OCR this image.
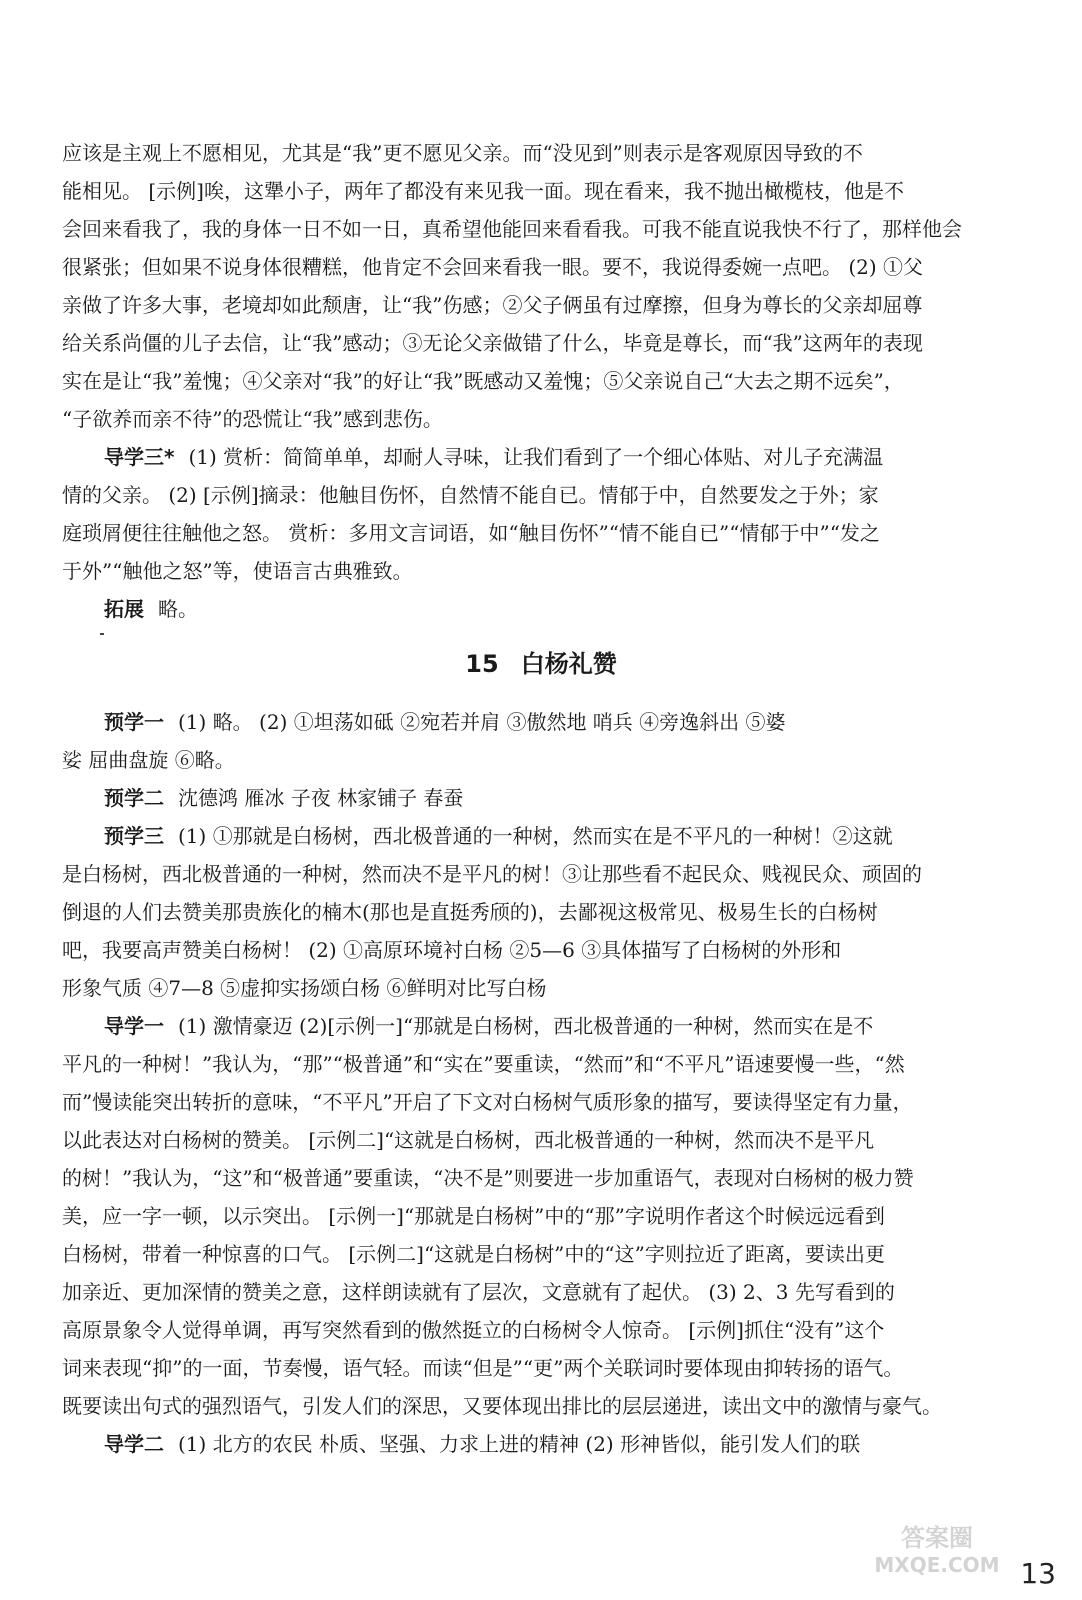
应该是主观上不愿相见，尤其是“我”更不愿见父亲。而“没见到”则表示是客观原因导致的不
能相见。 [示例]唉，这犟小子，两年了都没有来见我一面。现在看来，我不抛出橄榄枝，他是不
会回来看我了，我的身体一日不如一日，真希望他能回来看看我。可我不能直说我快不行了，那样他会
很紧张；但如果不说身体很糟糕，他肯定不会回来看我一眼。要不，我说得委婉一点吧。 (2) ①父
亲做了许多大事，老境却如此颓唐，让“我”伤感；②父子俩虽有过摩擦，但身为尊长的父亲却屈尊
给关系尚僵的儿子去信，让“我”感动；③无论父亲做错了什么，毕竟是尊长，而“我”这两年的表现
实在是让“我”羞愧；④父亲对“我”的好让“我”既感动又羞愧；⑤父亲说自己“大去之期不远矣”，
“子欲养而亲不待”的恐慌让“我”感到悲伤。
导学三* (1) 赏析：简简单单，却耐人寻味，让我们看到了一个细心体贴、对儿子充满温
情的父亲。 (2) [示例]摘录：他触目伤怀，自然情不能自已。情郁于中，自然要发之于外；家
庭琐屑便往往触他之怒。 赏析：多用文言词语，如“触目伤怀”“情不能自已”“情郁于中”“发之
于外”“触他之怒”等，使语言古典雅致。
拓展 略。
15 白杨礼赞
预学一 (1) 略。 (2) ①坦荡如砥 ②宛若并肩 ③傲然地 哨兵 ④旁逸斜出 ⑤婆
娑 屈曲盘旋 ⑥略。
预学二 沈德鸿 雁冰 子夜 林家铺子 春蚕
预学三 (1) ①那就是白杨树，西北极普通的一种树，然而实在是不平凡的一种树！②这就
是白杨树，西北极普通的一种树，然而决不是平凡的树！③让那些看不起民众、贱视民众、顽固的
倒退的人们去赞美那贵族化的楠木(那也是直挺秀颀的)，去鄙视这极常见、极易生长的白杨树
吧，我要高声赞美白杨树！ (2) ①高原环境衬白杨 ②5—6 ③具体描写了白杨树的外形和
形象气质 ④7—8 ⑤虚抑实扬颂白杨 ⑥鲜明对比写白杨
导学一 (1) 激情豪迈 (2)[示例一]“那就是白杨树，西北极普通的一种树，然而实在是不
平凡的一种树！”我认为，“那”“极普通”和“实在”要重读，“然而”和“不平凡”语速要慢一些，“然
而”慢读能突出转折的意味，“不平凡”开启了下文对白杨树气质形象的描写，要读得坚定有力量，
以此表达对白杨树的赞美。 [示例二]“这就是白杨树，西北极普通的一种树，然而决不是平凡
的树！”我认为，“这”和“极普通”要重读，“决不是”则要进一步加重语气，表现对白杨树的极力赞
美，应一字一顿，以示突出。 [示例一]“那就是白杨树”中的“那”字说明作者这个时候远远看到
白杨树，带着一种惊喜的口气。 [示例二]“这就是白杨树”中的“这”字则拉近了距离，要读出更
加亲近、更加深情的赞美之意，这样朗读就有了层次，文意就有了起伏。 (3) 2、3 先写看到的
高原景象令人觉得单调，再写突然看到的傲然挺立的白杨树令人惊奇。 [示例]抓住“没有”这个
词来表现“抑”的一面，节奏慢，语气轻。而读“但是”“更”两个关联词时要体现由抑转扬的语气。
既要读出句式的强烈语气，引发人们的深思，又要体现出排比的层层递进，读出文中的激情与豪气。
导学二 (1) 北方的农民 朴质、坚强、力求上进的精神 (2) 形神皆似，能引发人们的联
答案圈
MXQE.COM 13
